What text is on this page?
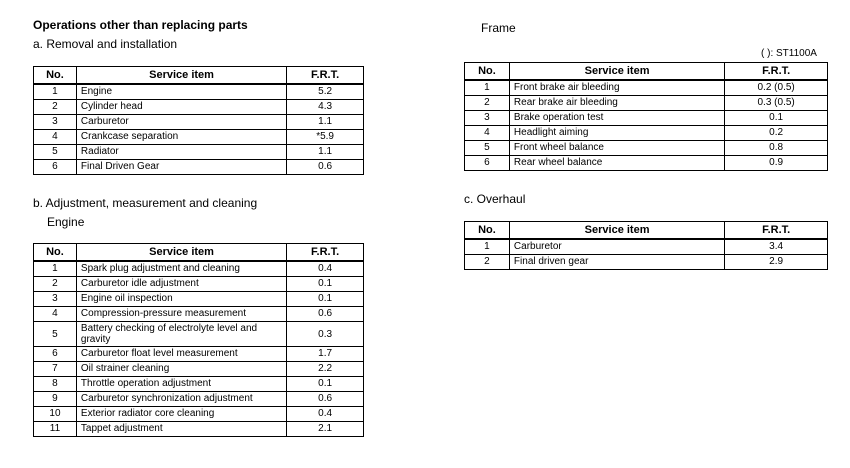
Operations other than replacing parts
a. Removal and installation
No.	Service item	F.R.T.
1	Engine	5.2
2	Cylinder head	4.3
3	Carburetor	1.1
4	Crankcase separation	*5.9
5	Radiator	1.1
6	Final Driven Gear	0.6
b. Adjustment, measurement and cleaning
Engine
No.	Service item	F.R.T.
1	Spark plug adjustment and cleaning	0.4
2	Carburetor idle adjustment	0.1
3	Engine oil inspection	0.1
4	Compression-pressure measurement	0.6
5	Battery checking of electrolyte level and gravity	0.3
6	Carburetor float level measurement	1.7
7	Oil strainer cleaning	2.2
8	Throttle operation adjustment	0.1
9	Carburetor synchronization adjustment	0.6
10	Exterior radiator core cleaning	0.4
11	Tappet adjustment	2.1
Frame
( ): ST1100A
No.	Service item	F.R.T.
1	Front brake air bleeding	0.2 (0.5)
2	Rear brake air bleeding	0.3 (0.5)
3	Brake operation test	0.1
4	Headlight aiming	0.2
5	Front wheel balance	0.8
6	Rear wheel balance	0.9
c. Overhaul
No.	Service item	F.R.T.
1	Carburetor	3.4
2	Final driven gear	2.9
